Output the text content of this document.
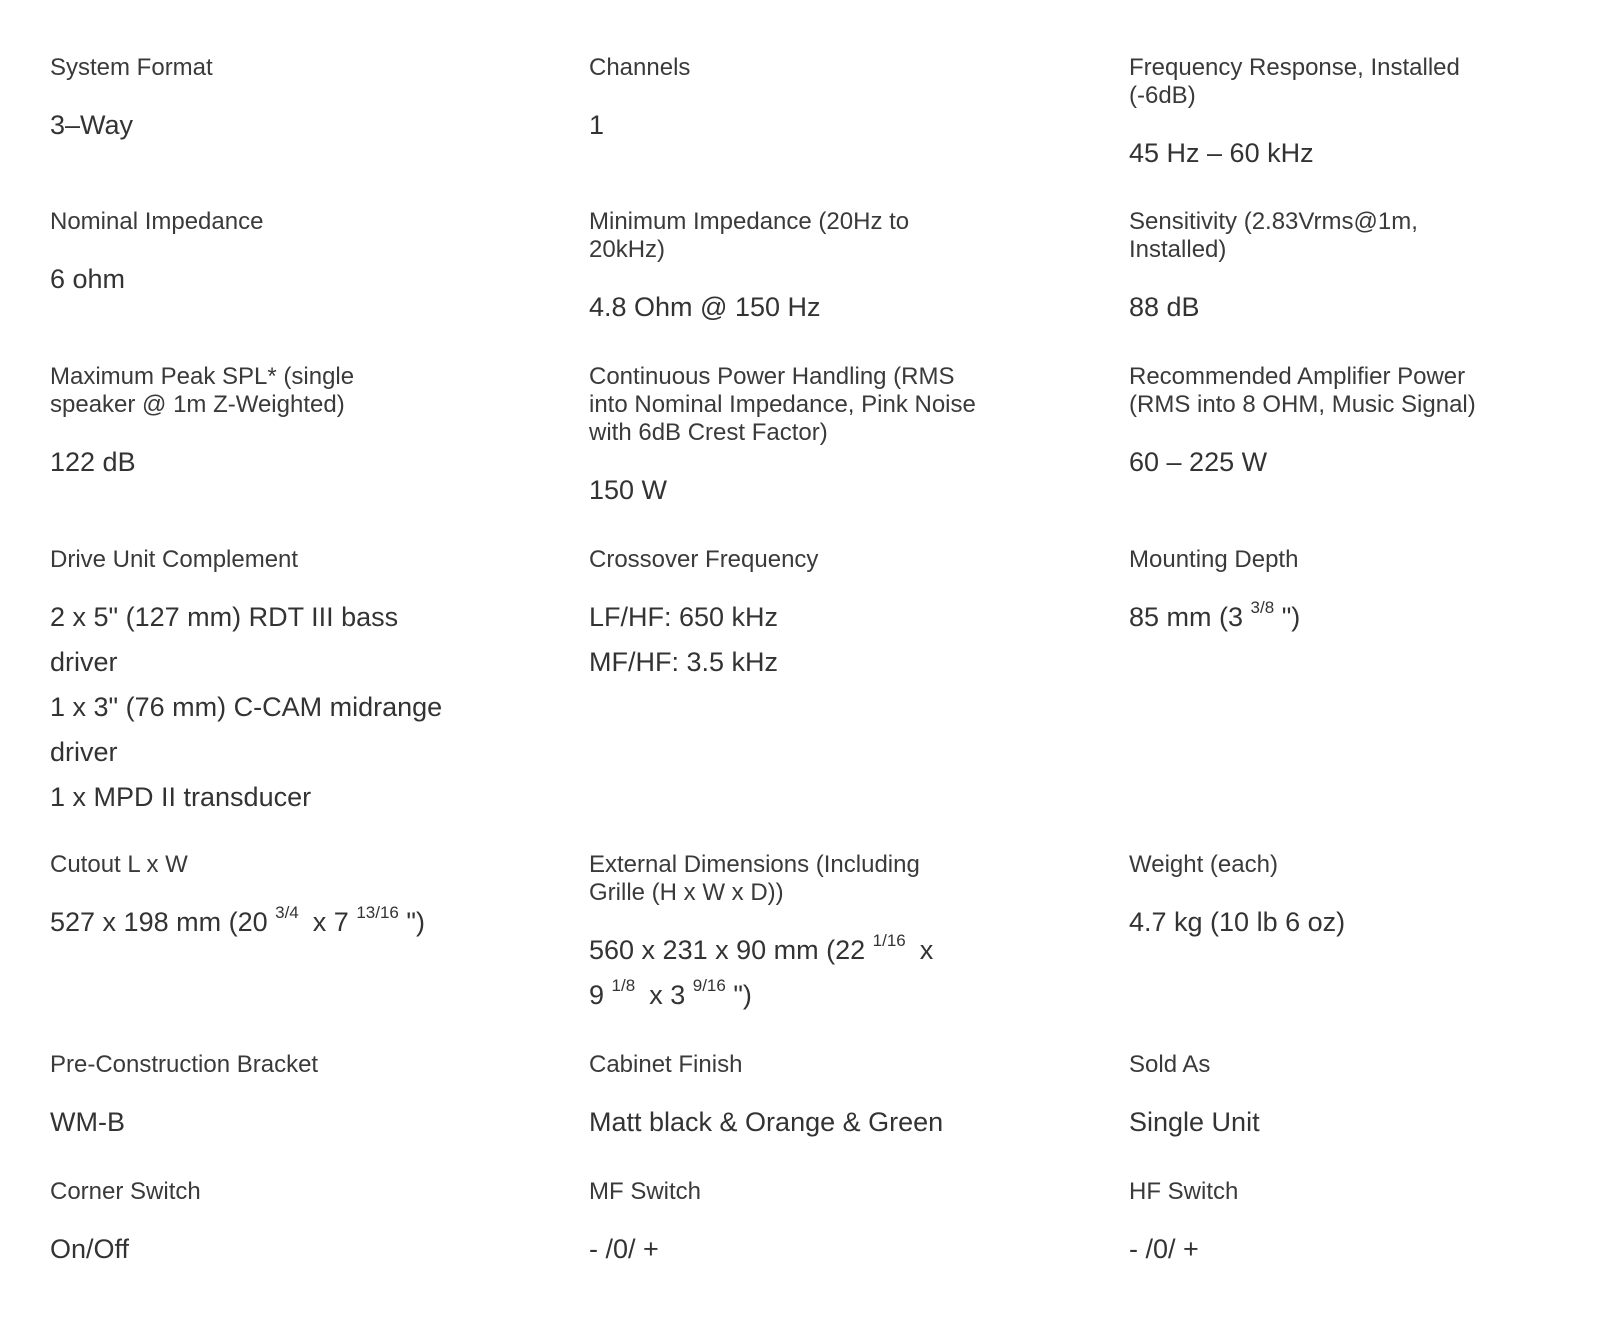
System Format
3–Way
Channels
1
Frequency Response, Installed (-6dB)
45 Hz – 60 kHz
Nominal Impedance
6 ohm
Minimum Impedance (20Hz to 20kHz)
4.8 Ohm @ 150 Hz
Sensitivity (2.83Vrms@1m, Installed)
88 dB
Maximum Peak SPL* (single speaker @ 1m Z-Weighted)
122 dB
Continuous Power Handling (RMS into Nominal Impedance, Pink Noise with 6dB Crest Factor)
150 W
Recommended Amplifier Power (RMS into 8 OHM, Music Signal)
60 – 225 W
Drive Unit Complement
2 x 5" (127 mm) RDT III bass driver
1 x 3" (76 mm) C-CAM midrange driver
1 x MPD II transducer
Crossover Frequency
LF/HF: 650 kHz
MF/HF: 3.5 kHz
Mounting Depth
85 mm (3 $^{3/8}$ ")
Cutout L x W
527 x 198 mm (20 $^{3/4}$ x 7 $^{13/16}$ ")
External Dimensions (Including Grille (H x W x D))
560 x 231 x 90 mm (22 $^{1/16}$ x
9 $^{1/8}$ x 3 $^{9/16}$ ")
Weight (each)
4.7 kg (10 lb 6 oz)
Pre-Construction Bracket
WM-B
Cabinet Finish
Matt black & Orange & Green
Sold As
Single Unit
Corner Switch
On/Off
MF Switch
- /0/ +
HF Switch
- /0/ +
